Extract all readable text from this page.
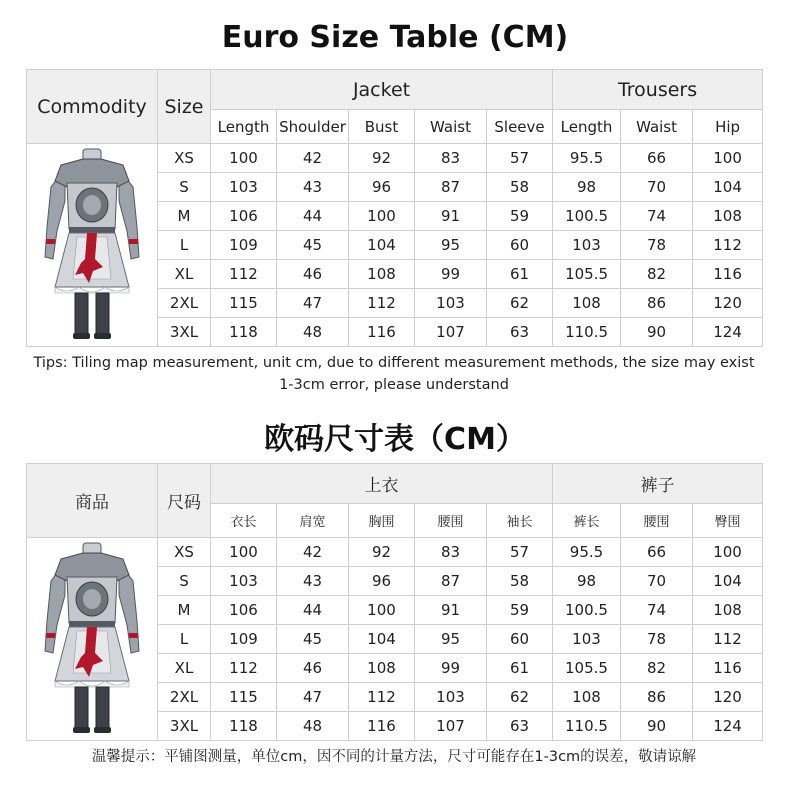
Euro Size Table (CM)
Commodity	Size	Jacket					Trousers		
		Length	Shoulder	Bust	Waist	Sleeve	Length	Waist	Hip

	XS	100	42	92	83	57	95.5	66	100
	S	103	43	96	87	58	98	70	104
	M	106	44	100	91	59	100.5	74	108
	L	109	45	104	95	60	103	78	112
	XL	112	46	108	99	61	105.5	82	116
	2XL	115	47	112	103	62	108	86	120
	3XL	118	48	116	107	63	110.5	90	124
Tips: Tiling map measurement, unit cm, due to different measurement methods, the size may exist 1-3cm error, please understand
欧码尺寸表（CM）
商品	尺码	上衣					裤子		
		衣长	肩宽	胸围	腰围	袖长	裤长	腰围	臀围

	XS	100	42	92	83	57	95.5	66	100
	S	103	43	96	87	58	98	70	104
	M	106	44	100	91	59	100.5	74	108
	L	109	45	104	95	60	103	78	112
	XL	112	46	108	99	61	105.5	82	116
	2XL	115	47	112	103	62	108	86	120
	3XL	118	48	116	107	63	110.5	90	124
温馨提示：平铺图测量，单位cm，因不同的计量方法，尺寸可能存在1-3cm的误差，敬请谅解
